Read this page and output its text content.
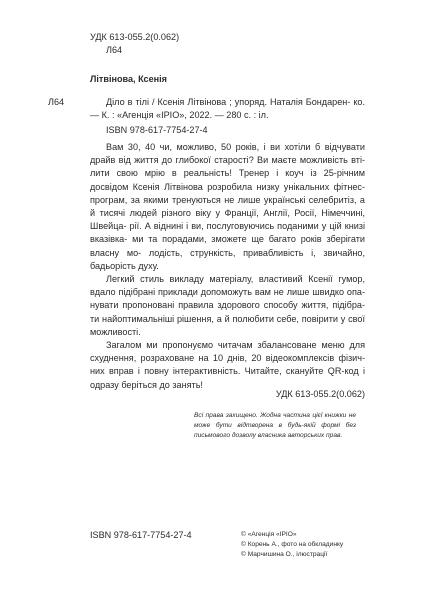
УДК 613-055.2(0.062)
Л64
Літвінова, Ксенія
Л64	Діло в тілі / Ксенія Літвінова ; упоряд. Наталія Бондарен- ко. — К. : «Агенція «ІРІО», 2022. — 280 с. : іл.
ISBN 978-617-7754-27-4

Вам 30, 40 чи, можливо, 50 років, і ви хотіли б відчувати драйв від життя до глибокої старості? Ви маєте можливість вті- лити свою мрію в реальність! Тренер і коуч із 25-річним досвідом Ксенія Літвінова розробила низку унікальних фітнес-програм, за якими тренуються не лише українські селебритіз, а й тисячі людей різного віку у Франції, Англії, Росії, Німеччині, Швейца- рії. А віднині і ви, послуговуючись поданими у цій книзі вказівка- ми та порадами, зможете ще багато років зберігати власну мо- лодість, стрункість, привабливість і, звичайно, бадьорість духу.

Легкий стиль викладу матеріалу, властивий Ксенії гумор, вдало підібрані приклади допоможуть вам не лише швидко опа- нувати пропоновані правила здорового способу життя, підібра- ти найоптимальніші рішення, а й полюбити себе, повірити у свої можливості.

Загалом ми пропонуємо читачам збалансоване меню для схуднення, розраховане на 10 днів, 20 відеокомплексів фізич- них вправ і повну інтерактивність. Читайте, скануйте QR-код і одразу беріться до занять!

УДК 613-055.2(0.062)
Всі права захищено. Жодна частина цієї книжки не може бути відтворена в будь-якій формі без письмового дозволу власника авторських прав.
ISBN 978-617-7754-27-4	© «Агенція «ІРІО»
© Корень А., фото на обкладинку
© Марчишина О., ілюстрації
